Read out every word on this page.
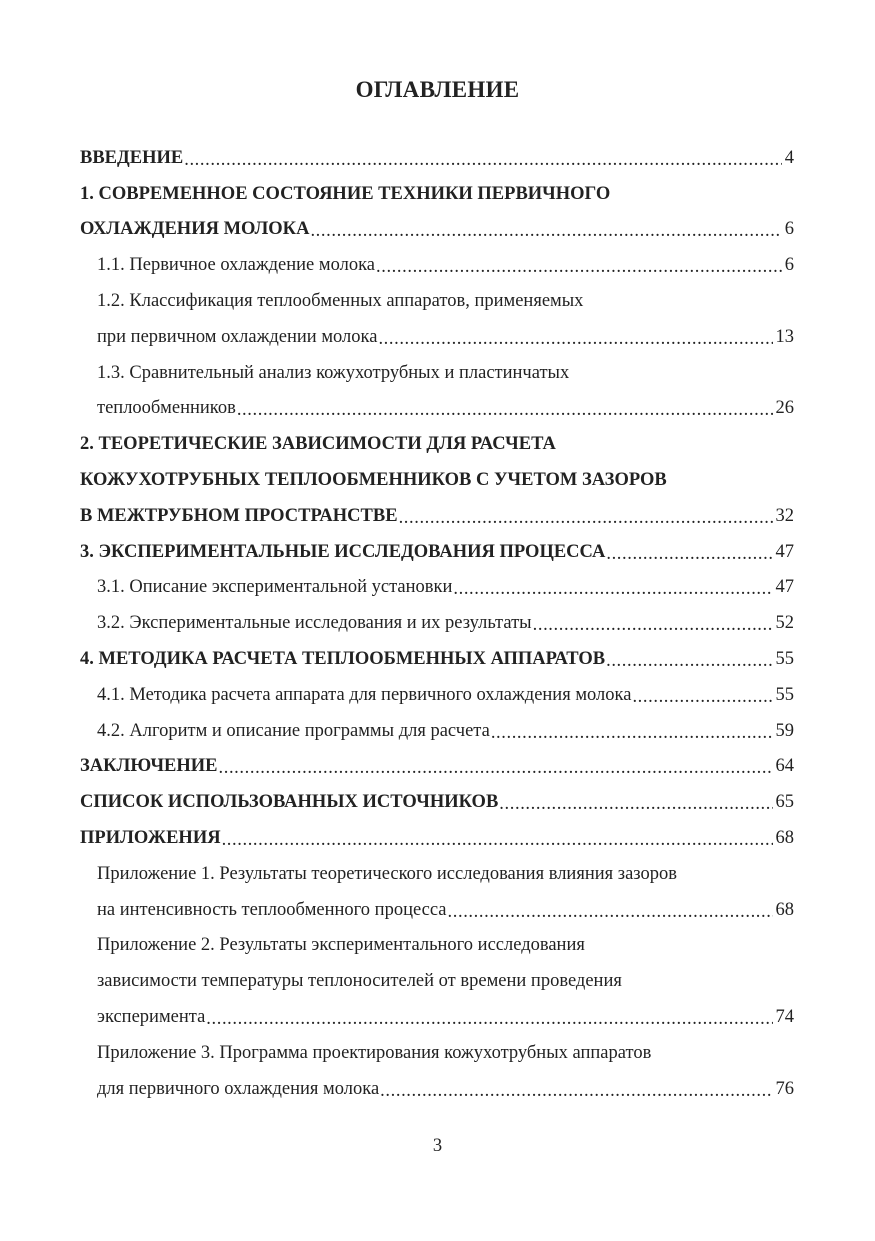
ОГЛАВЛЕНИЕ
ВВЕДЕНИЕ .....	4
1. СОВРЕМЕННОЕ СОСТОЯНИЕ ТЕХНИКИ ПЕРВИЧНОГО
ОХЛАЖДЕНИЯ МОЛОКА .....	6
1.1. Первичное охлаждение молока .....	6
1.2. Классификация теплообменных аппаратов, применяемых
при первичном охлаждении молока .....	13
1.3. Сравнительный анализ кожухотрубных и пластинчатых
теплообменников .....	26
2. ТЕОРЕТИЧЕСКИЕ ЗАВИСИМОСТИ ДЛЯ РАСЧЕТА
КОЖУХОТРУБНЫХ ТЕПЛООБМЕННИКОВ С УЧЕТОМ ЗАЗОРОВ
В МЕЖТРУБНОМ ПРОСТРАНСТВЕ .....	32
3. ЭКСПЕРИМЕНТАЛЬНЫЕ ИССЛЕДОВАНИЯ ПРОЦЕССА .....	47
3.1. Описание экспериментальной установки .....	47
3.2. Экспериментальные исследования и их результаты .....	52
4. МЕТОДИКА РАСЧЕТА ТЕПЛООБМЕННЫХ АППАРАТОВ .....	55
4.1. Методика расчета аппарата для первичного охлаждения молока .....	55
4.2. Алгоритм и описание программы для расчета .....	59
ЗАКЛЮЧЕНИЕ .....	64
СПИСОК ИСПОЛЬЗОВАННЫХ ИСТОЧНИКОВ .....	65
ПРИЛОЖЕНИЯ .....	68
Приложение 1. Результаты теоретического исследования влияния зазоров
на интенсивность теплообменного процесса .....	68
Приложение 2. Результаты экспериментального исследования
зависимости температуры теплоносителей от времени проведения
эксперимента .....	74
Приложение 3. Программа проектирования кожухотрубных аппаратов
для первичного охлаждения молока .....	76
3
